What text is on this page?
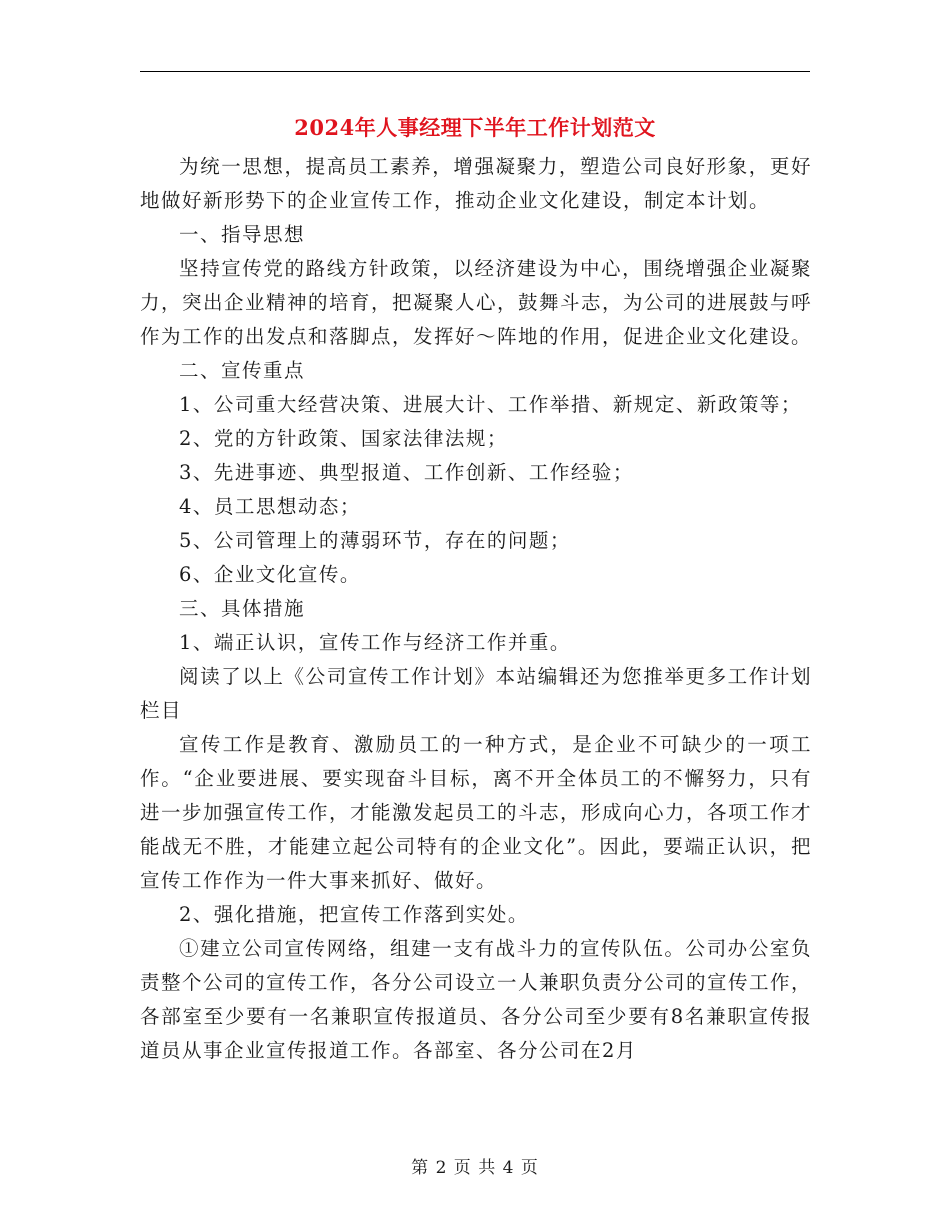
2024年人事经理下半年工作计划范文

为统一思想，提高员工素养，增强凝聚力，塑造公司良好形象，更好地做好新形势下的企业宣传工作，推动企业文化建设，制定本计划。

一、指导思想

坚持宣传党的路线方针政策，以经济建设为中心，围绕增强企业凝聚力，突出企业精神的培育，把凝聚人心，鼓舞斗志，为公司的进展鼓与呼作为工作的出发点和落脚点，发挥好～阵地的作用，促进企业文化建设。

二、宣传重点

1、公司重大经营决策、进展大计、工作举措、新规定、新政策等；

2、党的方针政策、国家法律法规；

3、先进事迹、典型报道、工作创新、工作经验；

4、员工思想动态；

5、公司管理上的薄弱环节，存在的问题；

6、企业文化宣传。

三、具体措施

1、端正认识，宣传工作与经济工作并重。

阅读了以上《公司宣传工作计划》本站编辑还为您推举更多工作计划栏目

宣传工作是教育、激励员工的一种方式，是企业不可缺少的一项工作。“企业要进展、要实现奋斗目标，离不开全体员工的不懈努力，只有进一步加强宣传工作，才能激发起员工的斗志，形成向心力，各项工作才能战无不胜，才能建立起公司特有的企业文化”。因此，要端正认识，把宣传工作作为一件大事来抓好、做好。

2、强化措施，把宣传工作落到实处。

①建立公司宣传网络，组建一支有战斗力的宣传队伍。公司办公室负责整个公司的宣传工作，各分公司设立一人兼职负责分公司的宣传工作，各部室至少要有一名兼职宣传报道员、各分公司至少要有8名兼职宣传报道员从事企业宣传报道工作。各部室、各分公司在2月

第 2 页 共 4 页
